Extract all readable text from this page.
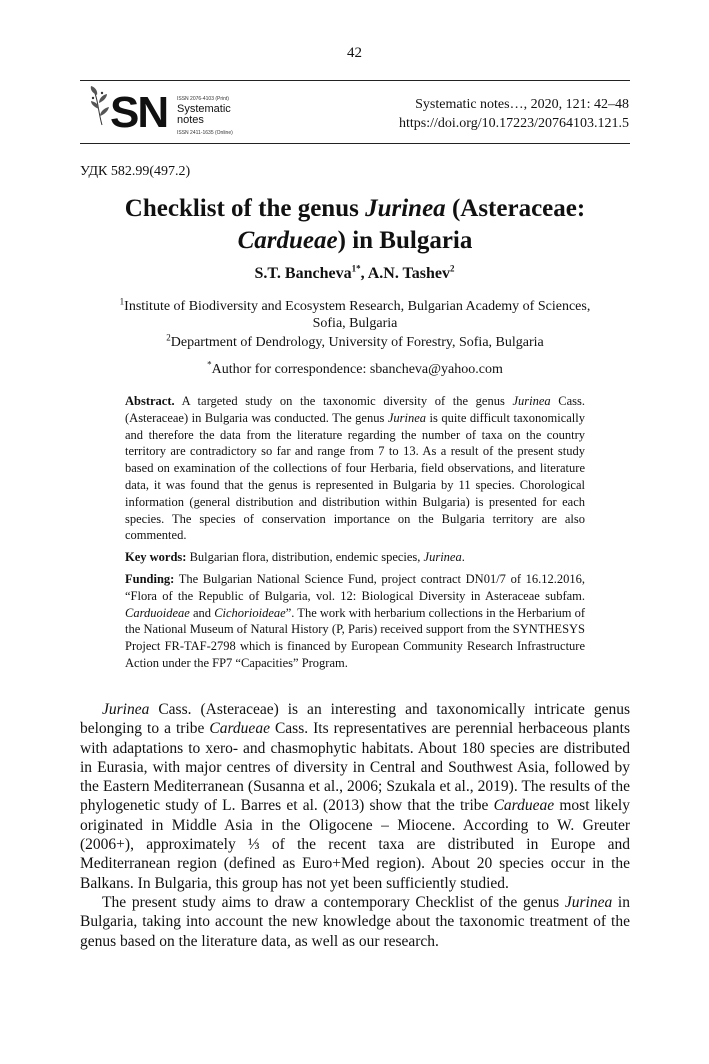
42
SN ISSN 2076-4103 (Print)
Systematic
notes
ISSN 2411-1635 (Online)
Systematic notes…, 2020, 121: 42–48
https://doi.org/10.17223/20764103.121.5
УДК 582.99(497.2)
Checklist of the genus Jurinea (Asteraceae:
Cardueae) in Bulgaria
S.T. Bancheva$^{1*}$, A.N. Tashev$^2$
$^1$Institute of Biodiversity and Ecosystem Research, Bulgarian Academy of Sciences,
Sofia, Bulgaria
$^2$Department of Dendrology, University of Forestry, Sofia, Bulgaria
*Author for correspondence: sbancheva@yahoo.com

Abstract. A targeted study on the taxonomic diversity of the genus Jurinea Cass. (Asteraceae) in Bulgaria was conducted. The genus Jurinea is quite difficult taxonomically and therefore the data from the literature regarding the number of taxa on the country territory are contradictory so far and range from 7 to 13. As a result of the present study based on examination of the collections of four Herbaria, field observations, and literature data, it was found that the genus is represented in Bulgaria by 11 species. Chorological information (general distribution and distribution within Bulgaria) is presented for each species. The species of conservation importance on the Bulgaria territory are also commented.

Key words: Bulgarian flora, distribution, endemic species, Jurinea.

Funding: The Bulgarian National Science Fund, project contract DN01/7 of 16.12.2016, “Flora of the Republic of Bulgaria, vol. 12: Biological Diversity in Asteraceae subfam. Carduoideae and Cichorioideae”. The work with herbarium collections in the Herbarium of the National Museum of Natural History (P, Paris) received support from the SYNTHESYS Project FR-TAF-2798 which is financed by European Community Research Infrastructure Action under the FP7 “Capacities” Program.

Jurinea Cass. (Asteraceae) is an interesting and taxonomically intricate genus belonging to a tribe Cardueae Cass. Its representatives are perennial herbaceous plants with adaptations to xero- and chasmophytic habitats. About 180 species are distributed in Eurasia, with major centres of diversity in Central and Southwest Asia, followed by the Eastern Mediterranean (Susanna et al., 2006; Szukala et al., 2019). The results of the phylogenetic study of L. Barres et al. (2013) show that the tribe Cardueae most likely originated in Middle Asia in the Oligocene – Miocene. According to W. Greuter (2006+), approximately ⅓ of the recent taxa are distributed in Europe and Mediterranean region (defined as Euro+Med region). About 20 species occur in the Balkans. In Bulgaria, this group has not yet been sufficiently studied.

The present study aims to draw a contemporary Checklist of the genus Jurinea in Bulgaria, taking into account the new knowledge about the taxonomic treatment of the genus based on the literature data, as well as our research.
